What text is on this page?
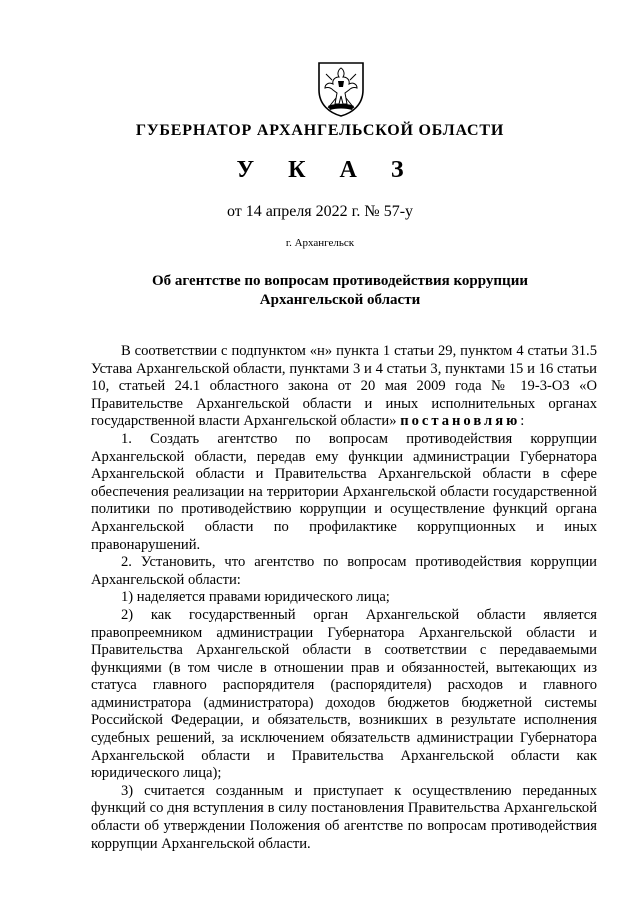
ГУБЕРНАТОР АРХАНГЕЛЬСКОЙ ОБЛАСТИ
У К А З
от 14 апреля 2022 г. № 57-у
г. Архангельск
Об агентстве по вопросам противодействия коррупции
Архангельской области

В соответствии с подпунктом «н» пункта 1 статьи 29, пунктом 4 статьи 31.5 Устава Архангельской области, пунктами 3 и 4 статьи 3, пунктами 15 и 16 статьи 10, статьей 24.1 областного закона от 20 мая 2009 года № 19-3-ОЗ «О Правительстве Архангельской области и иных исполнительных органах государственной власти Архангельской области» постановляю:

1. Создать агентство по вопросам противодействия коррупции Архангельской области, передав ему функции администрации Губернатора Архангельской области и Правительства Архангельской области в сфере обеспечения реализации на территории Архангельской области государственной политики по противодействию коррупции и осуществление функций органа Архангельской области по профилактике коррупционных и иных правонарушений.

2. Установить, что агентство по вопросам противодействия коррупции Архангельской области:

1) наделяется правами юридического лица;

2) как государственный орган Архангельской области является правопреемником администрации Губернатора Архангельской области и Правительства Архангельской области в соответствии с передаваемыми функциями (в том числе в отношении прав и обязанностей, вытекающих из статуса главного распорядителя (распорядителя) расходов и главного администратора (администратора) доходов бюджетов бюджетной системы Российской Федерации, и обязательств, возникших в результате исполнения судебных решений, за исключением обязательств администрации Губернатора Архангельской области и Правительства Архангельской области как юридического лица);

3) считается созданным и приступает к осуществлению переданных функций со дня вступления в силу постановления Правительства Архангельской области об утверждении Положения об агентстве по вопросам противодействия коррупции Архангельской области.
